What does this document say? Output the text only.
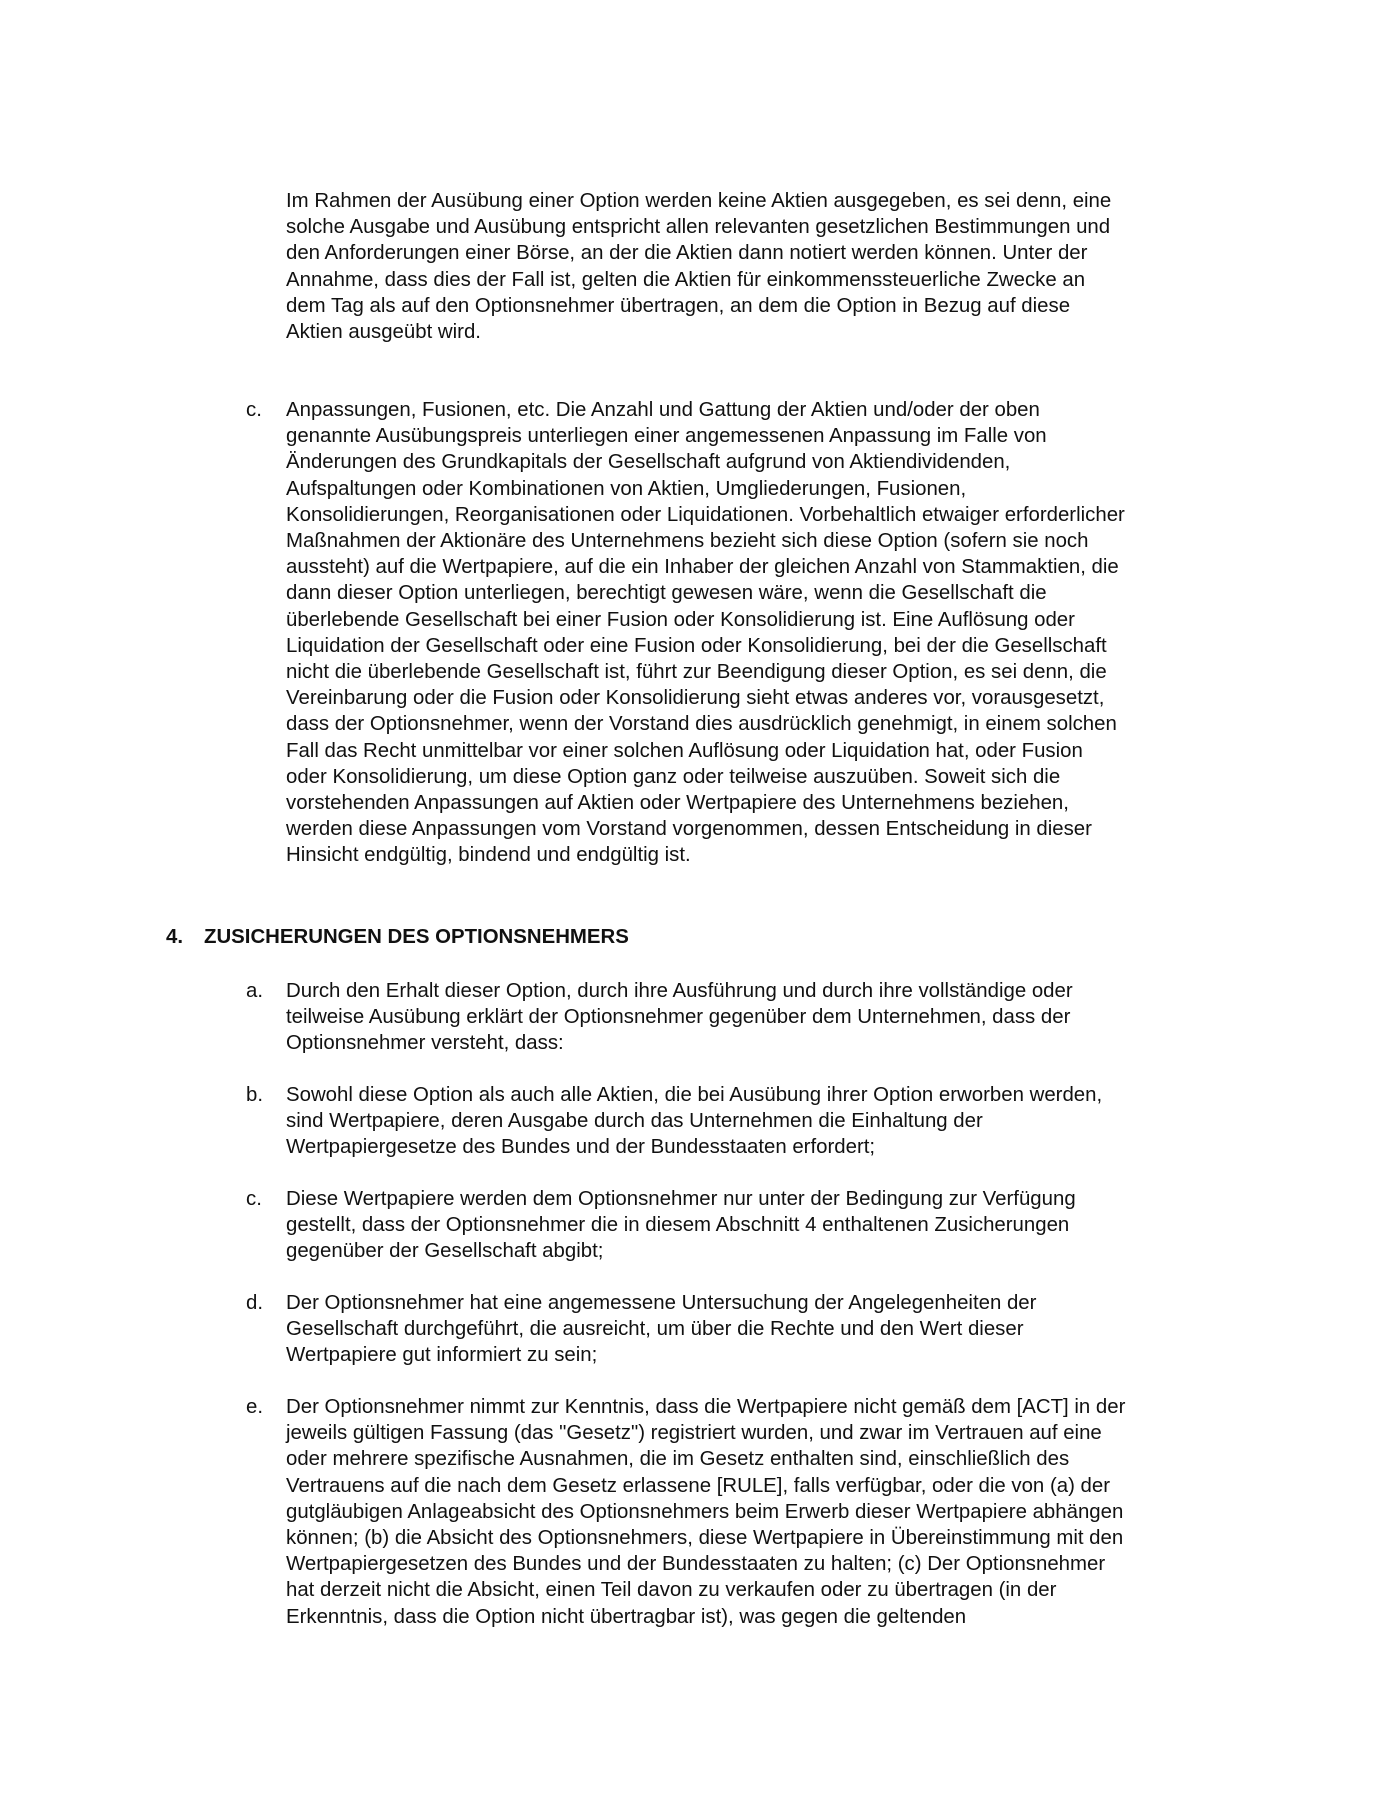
Im Rahmen der Ausübung einer Option werden keine Aktien ausgegeben, es sei denn, eine
solche Ausgabe und Ausübung entspricht allen relevanten gesetzlichen Bestimmungen und
den Anforderungen einer Börse, an der die Aktien dann notiert werden können. Unter der
Annahme, dass dies der Fall ist, gelten die Aktien für einkommenssteuerliche Zwecke an
dem Tag als auf den Optionsnehmer übertragen, an dem die Option in Bezug auf diese
Aktien ausgeübt wird.

c. Anpassungen, Fusionen, etc. Die Anzahl und Gattung der Aktien und/oder der oben
genannte Ausübungspreis unterliegen einer angemessenen Anpassung im Falle von
Änderungen des Grundkapitals der Gesellschaft aufgrund von Aktiendividenden,
Aufspaltungen oder Kombinationen von Aktien, Umgliederungen, Fusionen,
Konsolidierungen, Reorganisationen oder Liquidationen. Vorbehaltlich etwaiger erforderlicher
Maßnahmen der Aktionäre des Unternehmens bezieht sich diese Option (sofern sie noch
aussteht) auf die Wertpapiere, auf die ein Inhaber der gleichen Anzahl von Stammaktien, die
dann dieser Option unterliegen, berechtigt gewesen wäre, wenn die Gesellschaft die
überlebende Gesellschaft bei einer Fusion oder Konsolidierung ist. Eine Auflösung oder
Liquidation der Gesellschaft oder eine Fusion oder Konsolidierung, bei der die Gesellschaft
nicht die überlebende Gesellschaft ist, führt zur Beendigung dieser Option, es sei denn, die
Vereinbarung oder die Fusion oder Konsolidierung sieht etwas anderes vor, vorausgesetzt,
dass der Optionsnehmer, wenn der Vorstand dies ausdrücklich genehmigt, in einem solchen
Fall das Recht unmittelbar vor einer solchen Auflösung oder Liquidation hat, oder Fusion
oder Konsolidierung, um diese Option ganz oder teilweise auszuüben. Soweit sich die
vorstehenden Anpassungen auf Aktien oder Wertpapiere des Unternehmens beziehen,
werden diese Anpassungen vom Vorstand vorgenommen, dessen Entscheidung in dieser
Hinsicht endgültig, bindend und endgültig ist.

4. ZUSICHERUNGEN DES OPTIONSNEHMERS

a. Durch den Erhalt dieser Option, durch ihre Ausführung und durch ihre vollständige oder
teilweise Ausübung erklärt der Optionsnehmer gegenüber dem Unternehmen, dass der
Optionsnehmer versteht, dass:

b. Sowohl diese Option als auch alle Aktien, die bei Ausübung ihrer Option erworben werden,
sind Wertpapiere, deren Ausgabe durch das Unternehmen die Einhaltung der
Wertpapiergesetze des Bundes und der Bundesstaaten erfordert;

c. Diese Wertpapiere werden dem Optionsnehmer nur unter der Bedingung zur Verfügung
gestellt, dass der Optionsnehmer die in diesem Abschnitt 4 enthaltenen Zusicherungen
gegenüber der Gesellschaft abgibt;

d. Der Optionsnehmer hat eine angemessene Untersuchung der Angelegenheiten der
Gesellschaft durchgeführt, die ausreicht, um über die Rechte und den Wert dieser
Wertpapiere gut informiert zu sein;

e. Der Optionsnehmer nimmt zur Kenntnis, dass die Wertpapiere nicht gemäß dem [ACT] in der
jeweils gültigen Fassung (das "Gesetz") registriert wurden, und zwar im Vertrauen auf eine
oder mehrere spezifische Ausnahmen, die im Gesetz enthalten sind, einschließlich des
Vertrauens auf die nach dem Gesetz erlassene [RULE], falls verfügbar, oder die von (a) der
gutgläubigen Anlageabsicht des Optionsnehmers beim Erwerb dieser Wertpapiere abhängen
können; (b) die Absicht des Optionsnehmers, diese Wertpapiere in Übereinstimmung mit den
Wertpapiergesetzen des Bundes und der Bundesstaaten zu halten; (c) Der Optionsnehmer
hat derzeit nicht die Absicht, einen Teil davon zu verkaufen oder zu übertragen (in der
Erkenntnis, dass die Option nicht übertragbar ist), was gegen die geltenden
